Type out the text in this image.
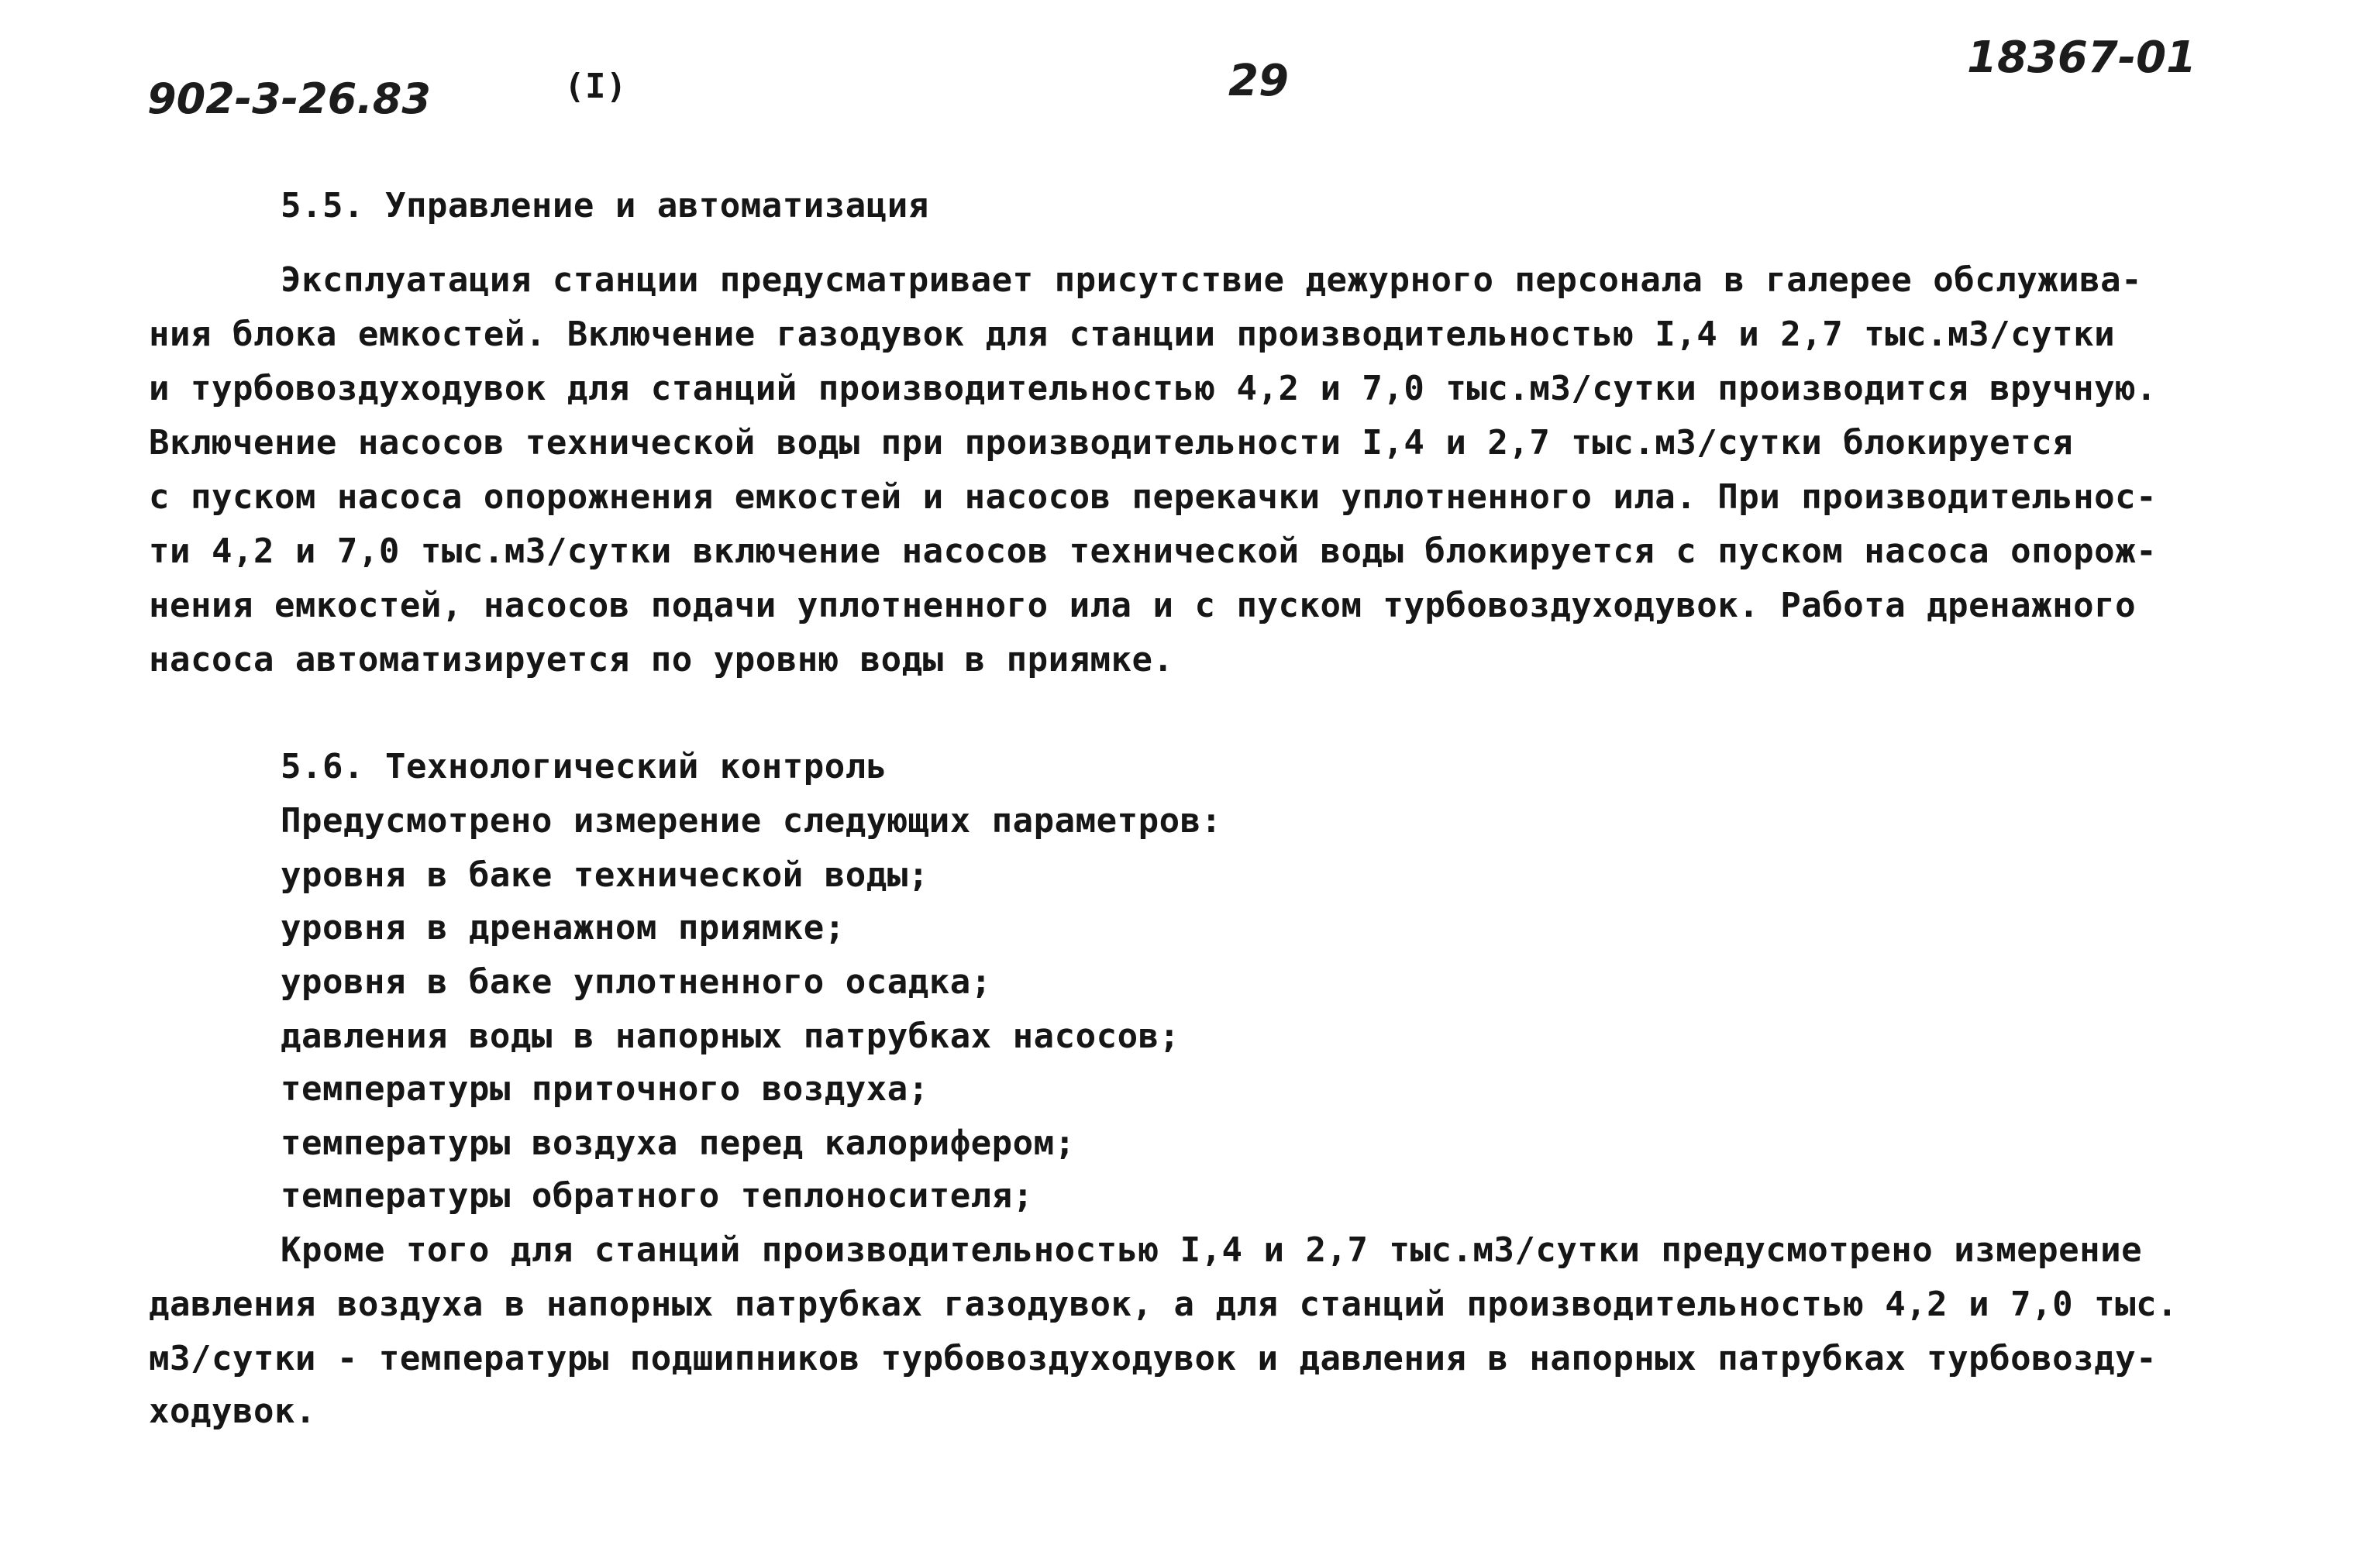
902-3-26.83	(I)	29	18367-01
5.5. Управление и автоматизация
Эксплуатация станции предусматривает присутствие дежурного персонала в галерее обслужива-
ния блока емкостей. Включение газодувок для станции производительностью I,4 и 2,7 тыс.м3/сутки
и турбовоздуходувок для станций производительностью 4,2 и 7,0 тыс.м3/сутки производится вручную.
Включение насосов технической воды при производительности I,4 и 2,7 тыс.м3/сутки блокируется
с пуском насоса опорожнения емкостей и насосов перекачки уплотненного ила. При производительнос-
ти 4,2 и 7,0 тыс.м3/сутки включение насосов технической воды блокируется с пуском насоса опорож-
нения емкостей, насосов подачи уплотненного ила и с пуском турбовоздуходувок. Работа дренажного
насоса автоматизируется по уровню воды в приямке.
5.6. Технологический контроль
Предусмотрено измерение следующих параметров:
уровня в баке технической воды;
уровня в дренажном приямке;
уровня в баке уплотненного осадка;
давления воды в напорных патрубках насосов;
температуры приточного воздуха;
температуры воздуха перед калорифером;
температуры обратного теплоносителя;
Кроме того для станций производительностью I,4 и 2,7 тыс.м3/сутки предусмотрено измерение
давления воздуха в напорных патрубках газодувок, а для станций производительностью 4,2 и 7,0 тыс.
м3/сутки - температуры подшипников турбовоздуходувок и давления в напорных патрубках турбовозду-
ходувок.
